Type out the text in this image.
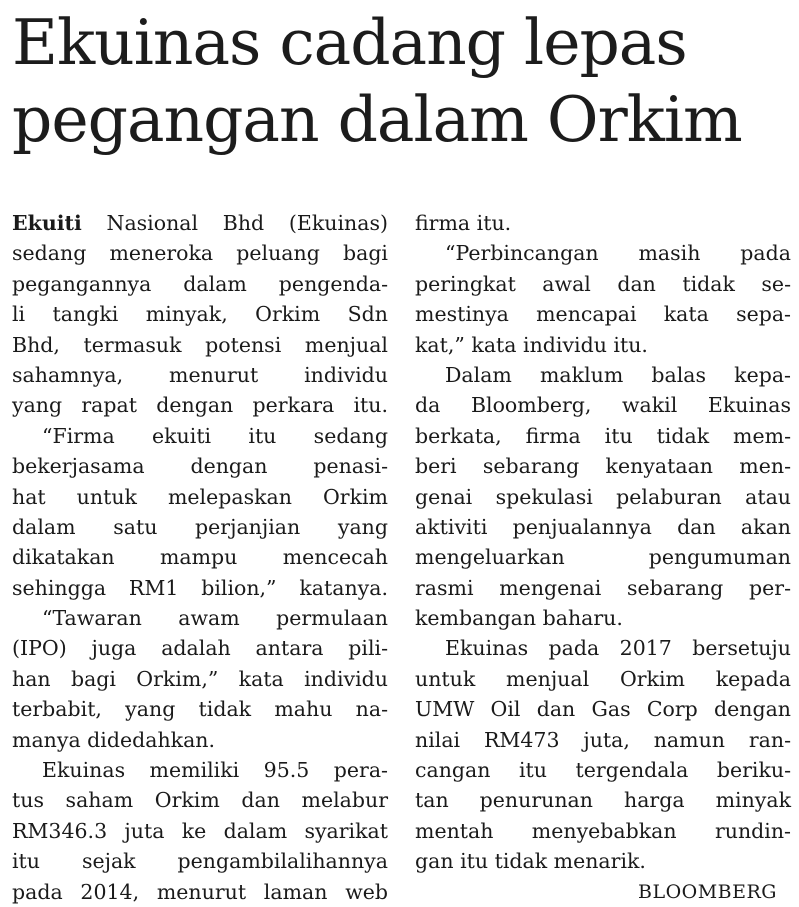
Ekuinas cadang lepas
pegangan dalam Orkim
Ekuiti Nasional Bhd (Ekuinas)
sedang meneroka peluang bagi
pegangannya dalam pengenda-
li tangki minyak, Orkim Sdn
Bhd, termasuk potensi menjual
sahamnya, menurut individu
yang rapat dengan perkara itu.
“Firma ekuiti itu sedang
bekerjasama dengan penasi-
hat untuk melepaskan Orkim
dalam satu perjanjian yang
dikatakan mampu mencecah
sehingga RM1 bilion,” katanya.
“Tawaran awam permulaan
(IPO) juga adalah antara pili-
han bagi Orkim,” kata individu
terbabit, yang tidak mahu na-
manya didedahkan.
Ekuinas memiliki 95.5 pera-
tus saham Orkim dan melabur
RM346.3 juta ke dalam syarikat
itu sejak pengambilalihannya
pada 2014, menurut laman web
firma itu.
“Perbincangan masih pada
peringkat awal dan tidak se-
mestinya mencapai kata sepa-
kat,” kata individu itu.
Dalam maklum balas kepa-
da Bloomberg, wakil Ekuinas
berkata, firma itu tidak mem-
beri sebarang kenyataan men-
genai spekulasi pelaburan atau
aktiviti penjualannya dan akan
mengeluarkan pengumuman
rasmi mengenai sebarang per-
kembangan baharu.
Ekuinas pada 2017 bersetuju
untuk menjual Orkim kepada
UMW Oil dan Gas Corp dengan
nilai RM473 juta, namun ran-
cangan itu tergendala beriku-
tan penurunan harga minyak
mentah menyebabkan rundin-
gan itu tidak menarik.
BLOOMBERG
